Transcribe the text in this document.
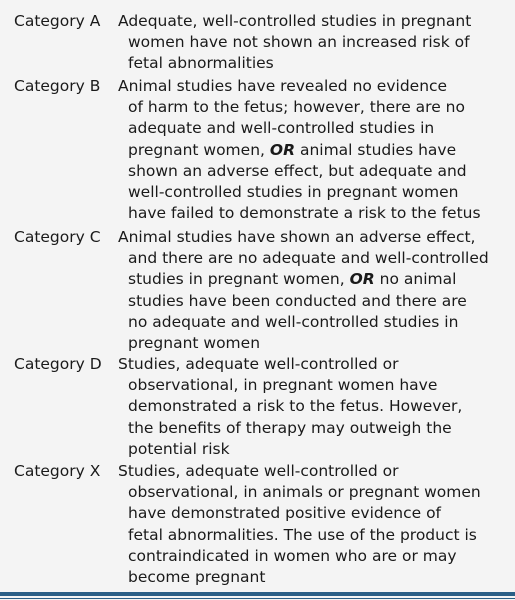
Category A	Adequate, well-controlled studies in pregnant
women have not shown an increased risk of
fetal abnormalities
Category B	Animal studies have revealed no evidence
of harm to the fetus; however, there are no
adequate and well-controlled studies in
pregnant women, OR animal studies have
shown an adverse effect, but adequate and
well-controlled studies in pregnant women
have failed to demonstrate a risk to the fetus
Category C	Animal studies have shown an adverse effect,
and there are no adequate and well-controlled
studies in pregnant women, OR no animal
studies have been conducted and there are
no adequate and well-controlled studies in
pregnant women
Category D	Studies, adequate well-controlled or
observational, in pregnant women have
demonstrated a risk to the fetus. However,
the benefits of therapy may outweigh the
potential risk
Category X	Studies, adequate well-controlled or
observational, in animals or pregnant women
have demonstrated positive evidence of
fetal abnormalities. The use of the product is
contraindicated in women who are or may
become pregnant
